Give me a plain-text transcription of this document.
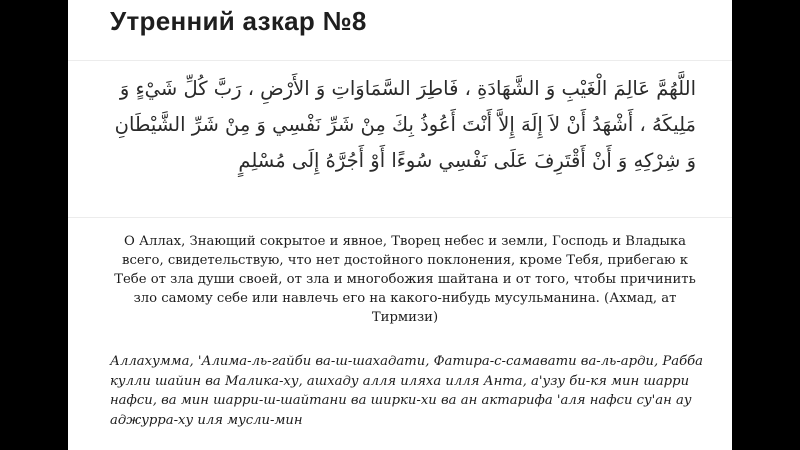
Утренний азкар №8

اللَّهُمَّ عَالِمَ الْغَيْبِ وَ الشَّهَادَةِ ، فَاطِرَ السَّمَاوَاتِ وَ الأَرْضِ ، رَبَّ كُلِّ شَيْءٍ وَ مَلِيكَهُ ، أَشْهَدُ أَنْ لاَ إِلَهَ إِلاَّ أَنْتَ أَعُوذُ بِكَ مِنْ شَرِّ نَفْسِي وَ مِنْ شَرِّ الشَّيْطَانِ وَ شِرْكِهِ وَ أَنْ أَقْتَرِفَ عَلَى نَفْسِي سُوءًا أَوْ أَجُرَّهُ إِلَى مُسْلِمٍ

О Аллах, Знающий сокрытое и явное, Творец небес и земли, Господь и Владыка всего, свидетельствую, что нет достойного поклонения, кроме Тебя, прибегаю к Тебе от зла души своей, от зла и многобожия шайтана и от того, чтобы причинить зло самому себе или навлечь его на какого-нибудь мусульманина. (Ахмад, ат Тирмизи)

Аллахумма, 'Алима-ль-гайби ва-ш-шахадати, Фатира-с-самавати ва-ль-арди, Рабба кулли шайин ва Малика-ху, ашхаду алля иляха илля Анта, а'узу би-кя мин шарри нафси, ва мин шарри-ш-шайтани ва ширки-хи ва ан актарифа 'аля нафси су'ан ау аджурра-ху иля мусли-мин
